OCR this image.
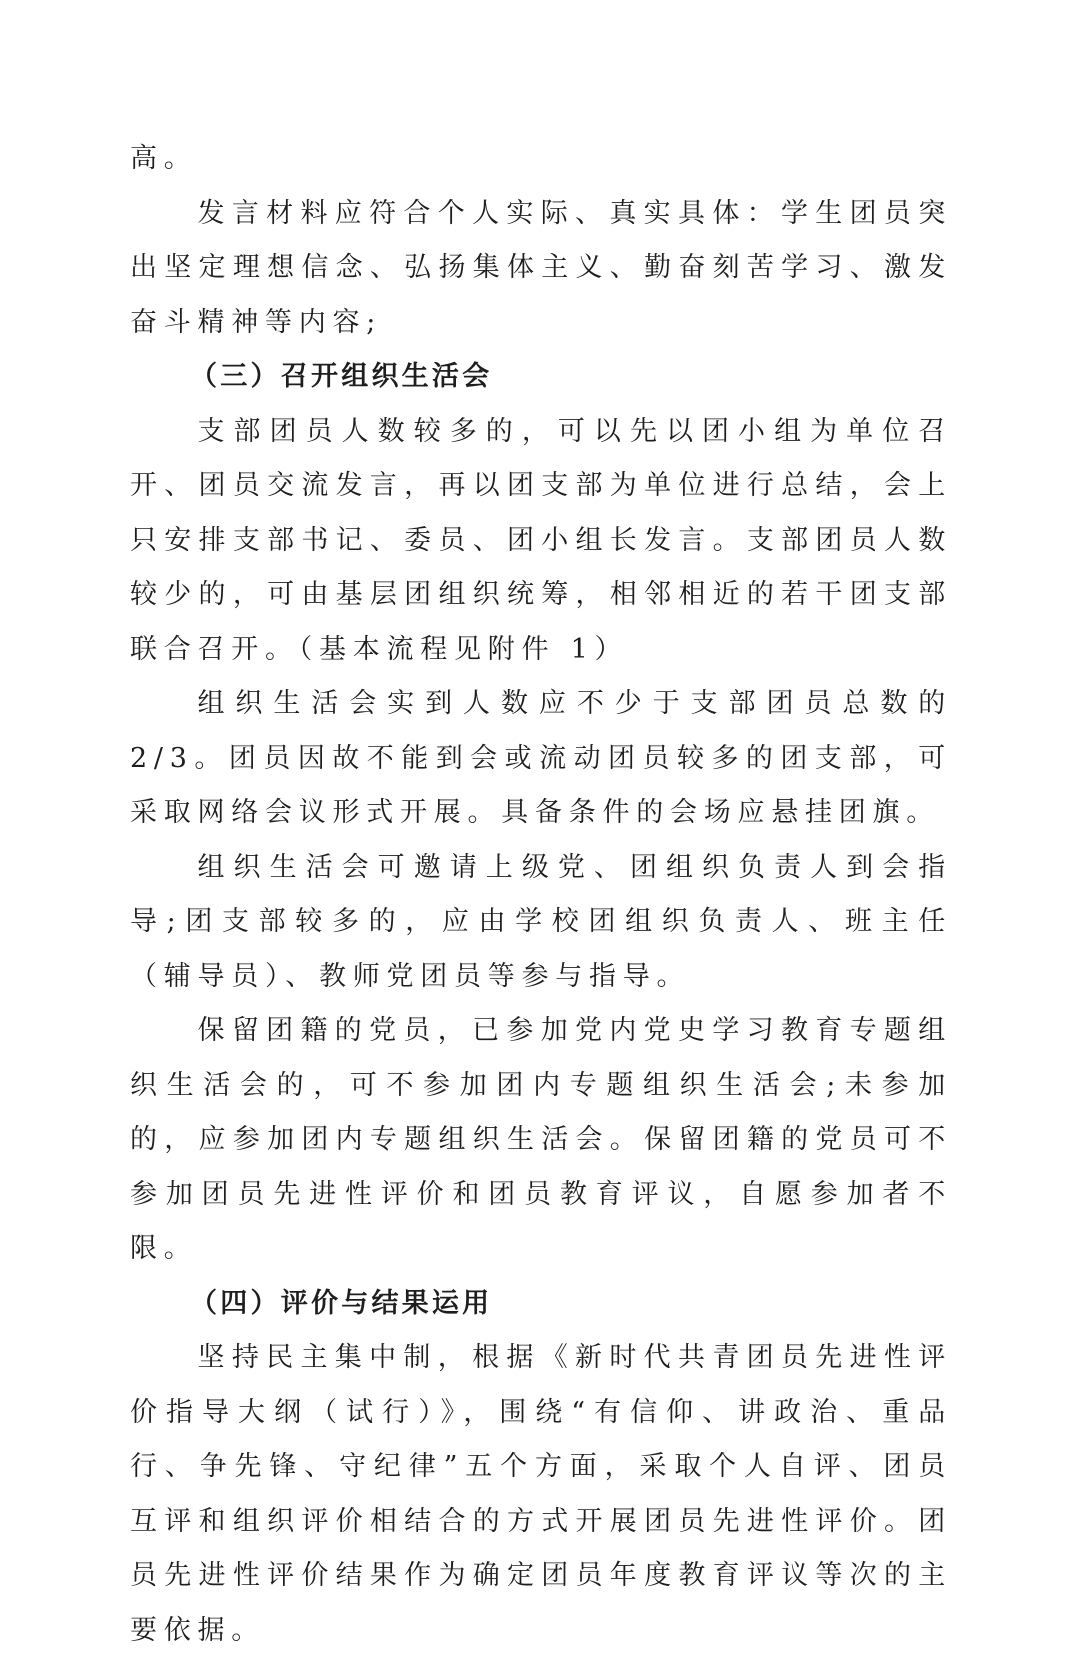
高。

发言材料应符合个人实际、真实具体：学生团员突出坚定理想信念、弘扬集体主义、勤奋刻苦学习、激发奋斗精神等内容;

（三）召开组织生活会

支部团员人数较多的，可以先以团小组为单位召开、团员交流发言，再以团支部为单位进行总结，会上只安排支部书记、委员、团小组长发言。支部团员人数较少的，可由基层团组织统筹，相邻相近的若干团支部联合召开。（基本流程见附件 1）

组织生活会实到人数应不少于支部团员总数的 2/3。团员因故不能到会或流动团员较多的团支部，可采取网络会议形式开展。具备条件的会场应悬挂团旗。

组织生活会可邀请上级党、团组织负责人到会指导;团支部较多的，应由学校团组织负责人、班主任（辅导员）、教师党团员等参与指导。

保留团籍的党员，已参加党内党史学习教育专题组织生活会的，可不参加团内专题组织生活会;未参加的，应参加团内专题组织生活会。保留团籍的党员可不参加团员先进性评价和团员教育评议，自愿参加者不限。

（四）评价与结果运用

坚持民主集中制，根据《新时代共青团员先进性评价指导大纲（试行）》，围绕“有信仰、讲政治、重品行、争先锋、守纪律”五个方面，采取个人自评、团员互评和组织评价相结合的方式开展团员先进性评价。团员先进性评价结果作为确定团员年度教育评议等次的主要依据。
